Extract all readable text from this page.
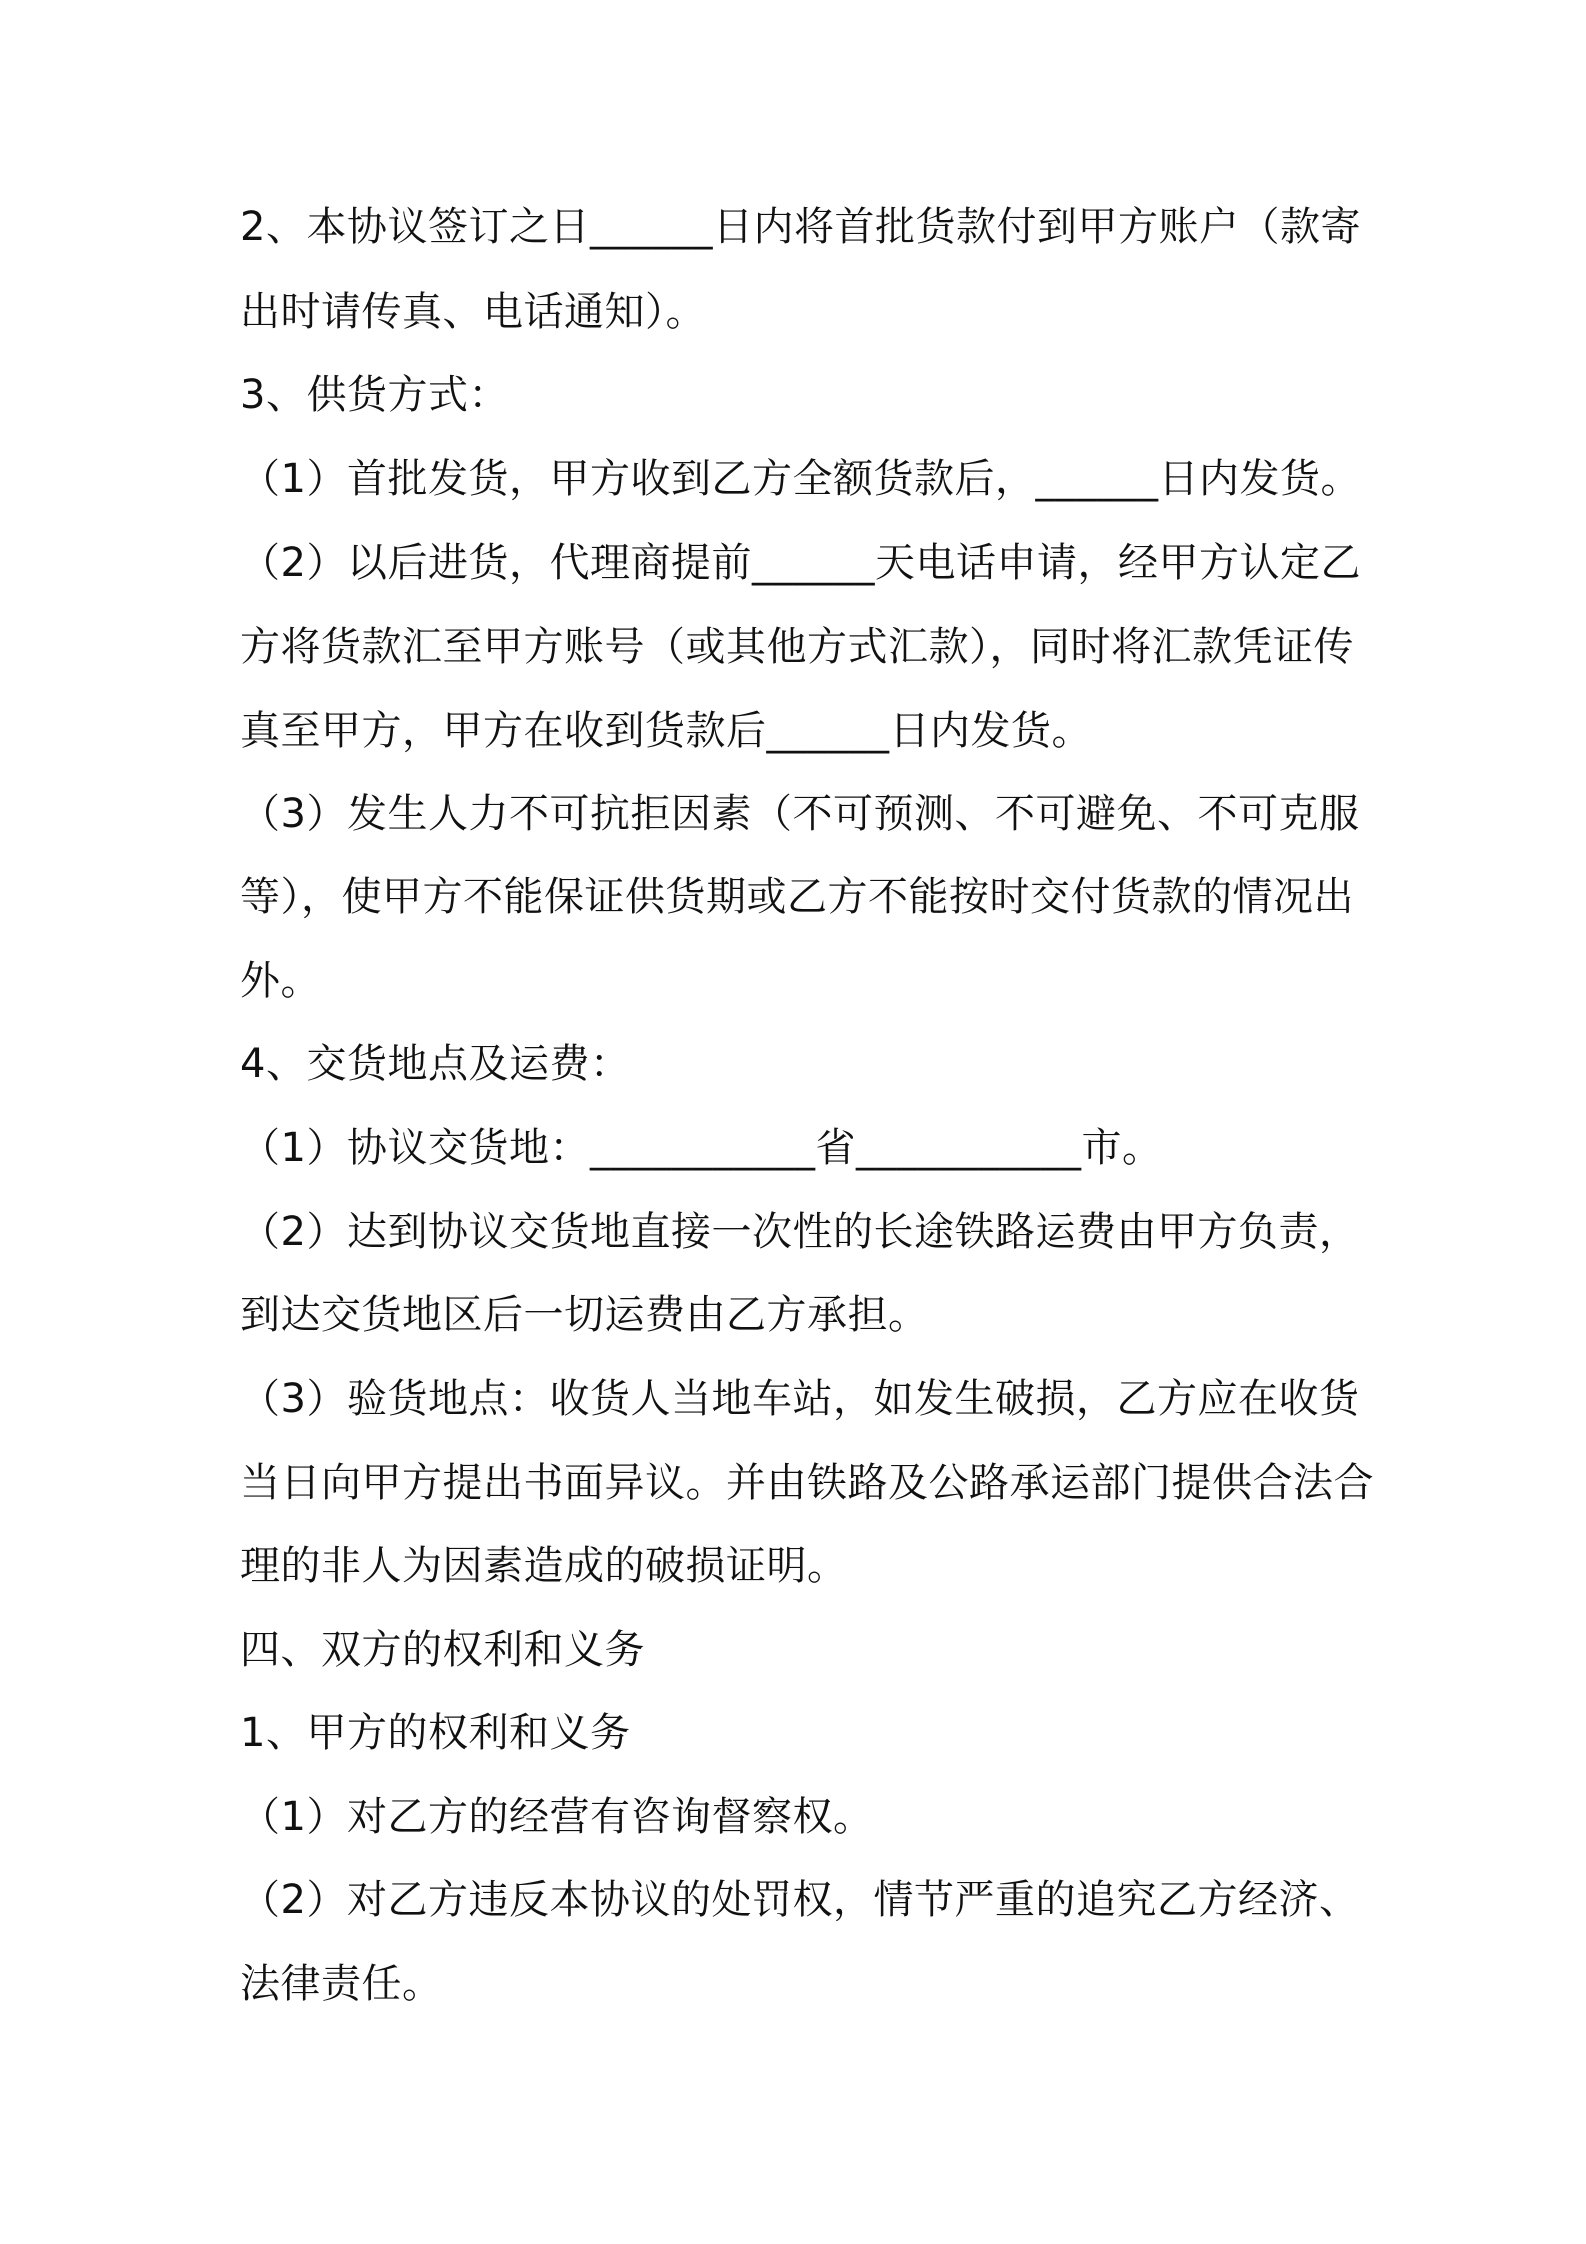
2、本协议签订之日______日内将首批货款付到甲方账户（款寄
出时请传真、电话通知）。
3、供货方式：
（1）首批发货，甲方收到乙方全额货款后，______日内发货。
（2）以后进货，代理商提前______天电话申请，经甲方认定乙
方将货款汇至甲方账号（或其他方式汇款），同时将汇款凭证传
真至甲方，甲方在收到货款后______日内发货。
（3）发生人力不可抗拒因素（不可预测、不可避免、不可克服
等），使甲方不能保证供货期或乙方不能按时交付货款的情况出
外。
4、交货地点及运费：
（1）协议交货地：___________省___________市。
（2）达到协议交货地直接一次性的长途铁路运费由甲方负责，
到达交货地区后一切运费由乙方承担。
（3）验货地点：收货人当地车站，如发生破损，乙方应在收货
当日向甲方提出书面异议。并由铁路及公路承运部门提供合法合
理的非人为因素造成的破损证明。
四、双方的权利和义务
1、甲方的权利和义务
（1）对乙方的经营有咨询督察权。
（2）对乙方违反本协议的处罚权，情节严重的追究乙方经济、
法律责任。
